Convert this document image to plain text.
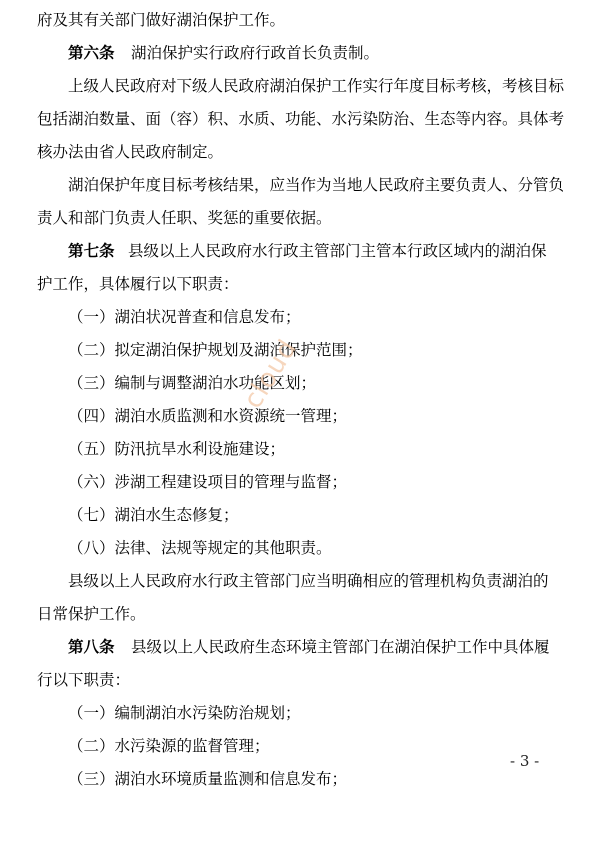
府及其有关部门做好湖泊保护工作。
第六条 湖泊保护实行政府行政首长负责制。
上级人民政府对下级人民政府湖泊保护工作实行年度目标考核，考核目标
包括湖泊数量、面（容）积、水质、功能、水污染防治、生态等内容。具体考
核办法由省人民政府制定。
湖泊保护年度目标考核结果，应当作为当地人民政府主要负责人、分管负
责人和部门负责人任职、奖惩的重要依据。
第七条 县级以上人民政府水行政主管部门主管本行政区域内的湖泊保
护工作，具体履行以下职责：
（一）湖泊状况普查和信息发布；
（二）拟定湖泊保护规划及湖泊保护范围；
（三）编制与调整湖泊水功能区划；
（四）湖泊水质监测和水资源统一管理；
（五）防汛抗旱水利设施建设；
（六）涉湖工程建设项目的管理与监督；
（七）湖泊水生态修复；
（八）法律、法规等规定的其他职责。
县级以上人民政府水行政主管部门应当明确相应的管理机构负责湖泊的
日常保护工作。
第八条 县级以上人民政府生态环境主管部门在湖泊保护工作中具体履
行以下职责：
（一）编制湖泊水污染防治规划；
（二）水污染源的监督管理；
（三）湖泊水环境质量监测和信息发布；
cloud
- 3 -
